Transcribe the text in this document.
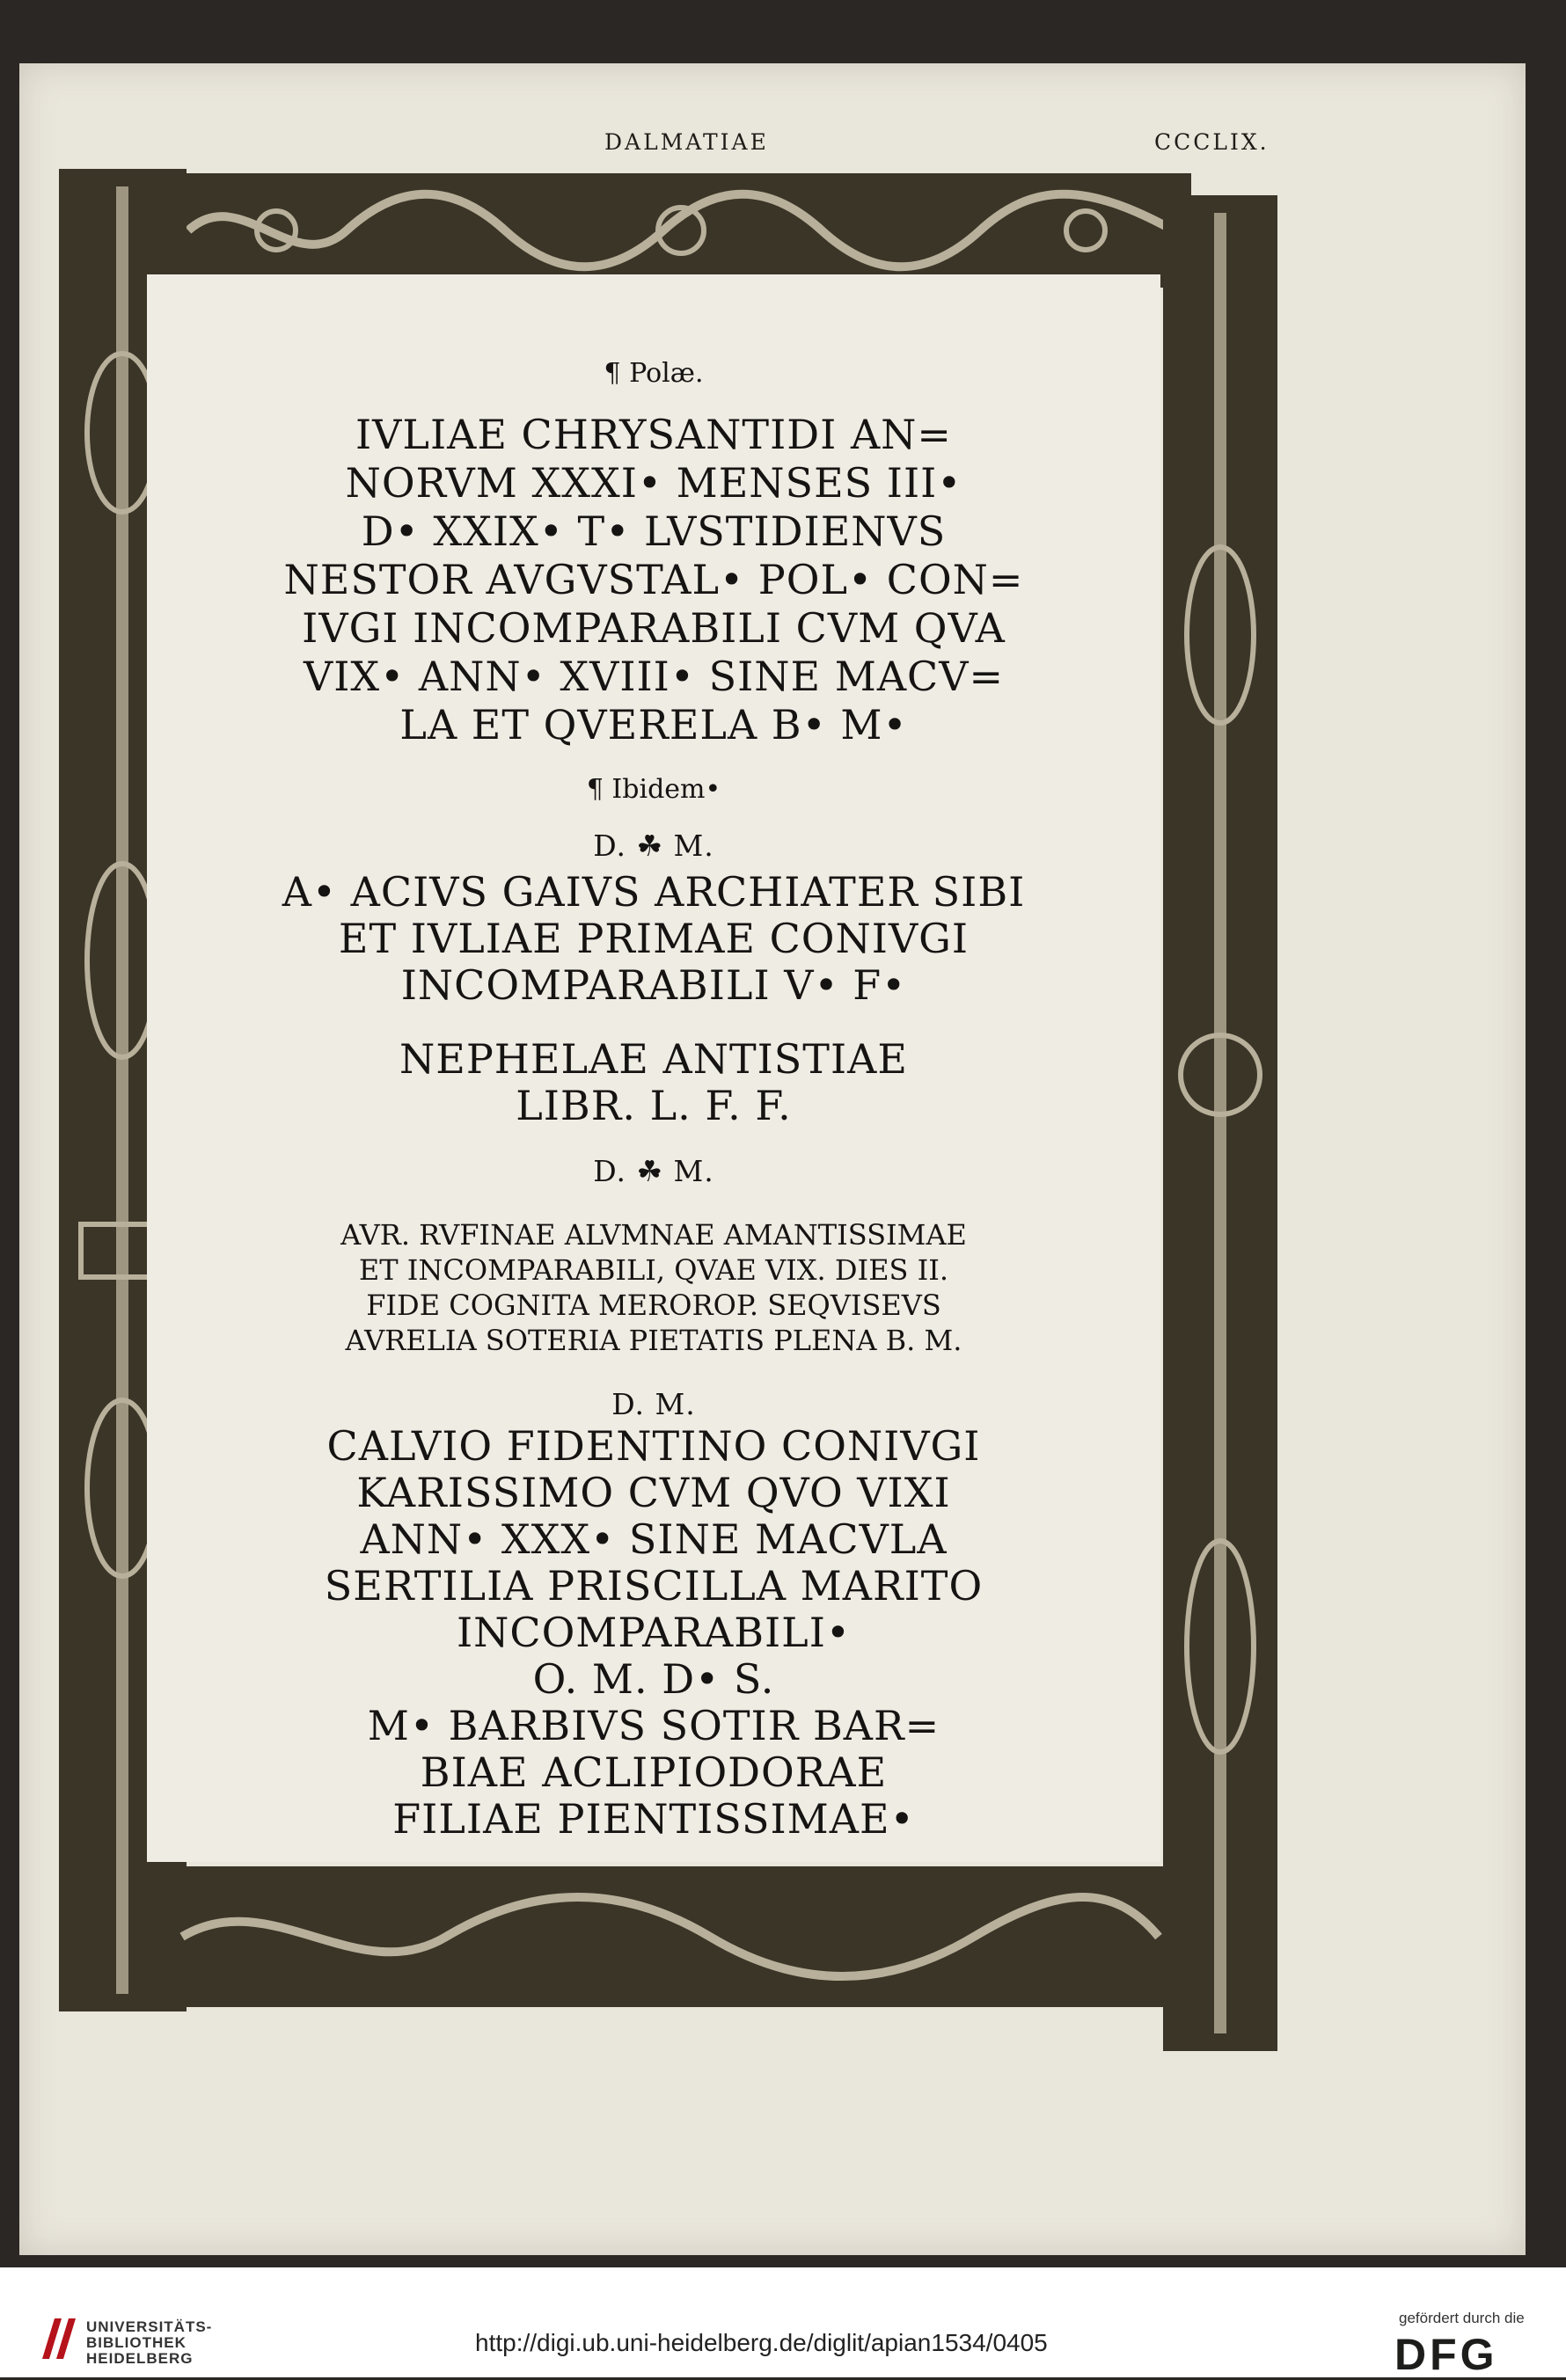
DALMATIAE	CCCLIX.
¶ Polæ.
IVLIAE CHRYSANTIDI AN=
NORVM XXXI• MENSES III•
D• XXIX• T• LVSTIDIENVS
NESTOR AVGVSTAL• POL• CON=
IVGI INCOMPARABILI CVM QVA
VIX• ANN• XVIII• SINE MACV=
LA ET QVERELA B• M•
¶ Ibidem•
D. ☘ M.
A• ACIVS GAIVS ARCHIATER SIBI
ET IVLIAE PRIMAE CONIVGI
INCOMPARABILI V• F•
NEPHELAE ANTISTIAE
LIBR. L. F. F.
D. ☘ M.
AVR. RVFINAE ALVMNAE AMANTISSIMAE
ET INCOMPARABILI, QVAE VIX. DIES II.
FIDE COGNITA MEROROP. SEQVISEVS
AVRELIA SOTERIA PIETATIS PLENA B. M.
D. M.
CALVIO FIDENTINO CONIVGI
KARISSIMO CVM QVO VIXI
ANN• XXX• SINE MACVLA
SERTILIA PRISCILLA MARITO
INCOMPARABILI•
O. M. D• S.
M• BARBIVS SOTIR BAR=
BIAE ACLIPIODORAE
FILIAE PIENTISSIMAE•
UNIVERSITÄTS-
BIBLIOTHEK
HEIDELBERG
http://digi.ub.uni-heidelberg.de/diglit/apian1534/0405
gefördert durch die
DFG
